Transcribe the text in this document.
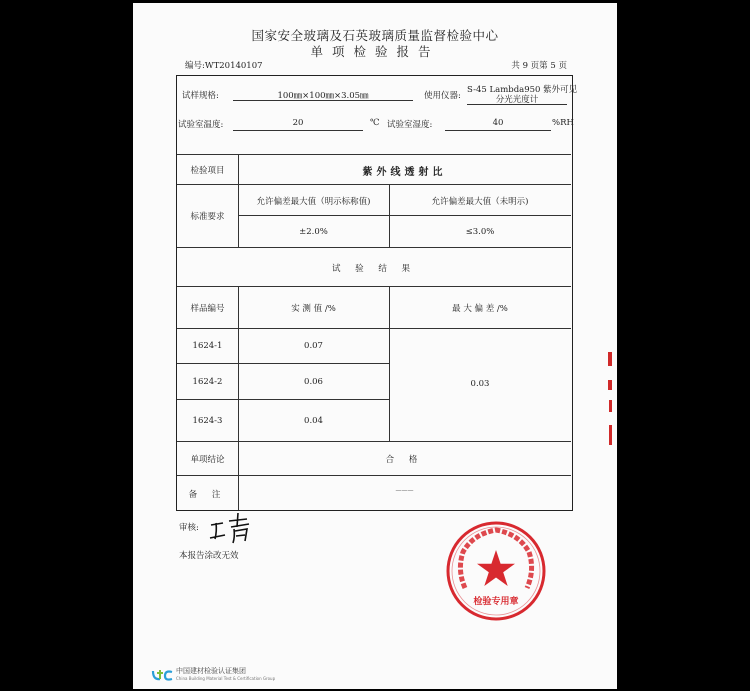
国家安全玻璃及石英玻璃质量监督检验中心
单项检验报告
编号:WT20140107	共 9 页第 5 页
试样规格:	100㎜×100㎜×3.05㎜	使用仪器:
S-45 Lambda950 紫外可见
分光光度计
试验室温度:	20	℃ 试验室湿度:	40	%RH
检验项目	紫外线透射比
标准要求
允许偏差最大值（明示标称值)	允许偏差最大值（未明示)
±2.0%	≤3.0%
试 验 结 果
样品编号	实 测 值 /%	最 大 偏 差 /%
1624-1	0.07
1624-2	0.06
1624-3	0.04
0.03
单项结论	合 格
备 注	———
审核:
本报告涂改无效
检验专用章
中国建材检验认证集团
China Building Material Test & Certification Group
